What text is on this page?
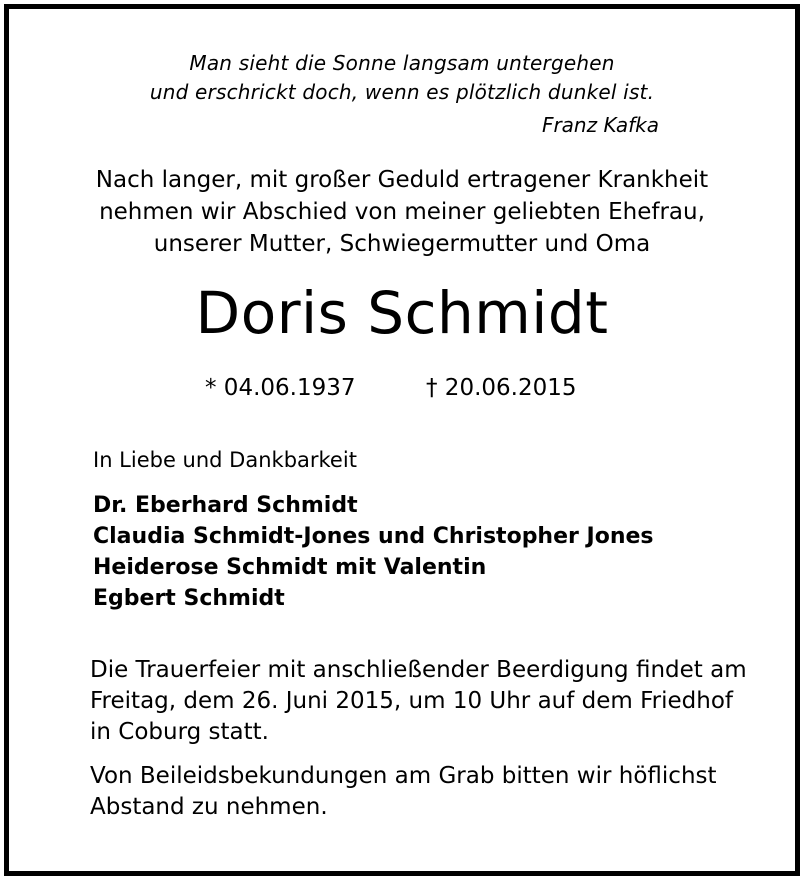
Man sieht die Sonne langsam untergehen
und erschrickt doch, wenn es plötzlich dunkel ist.
Franz Kafka
Nach langer, mit großer Geduld ertragener Krankheit
nehmen wir Abschied von meiner geliebten Ehefrau,
unserer Mutter, Schwiegermutter und Oma
Doris Schmidt
* 04.06.1937	† 20.06.2015
In Liebe und Dankbarkeit
Dr. Eberhard Schmidt
Claudia Schmidt-Jones und Christopher Jones
Heiderose Schmidt mit Valentin
Egbert Schmidt
Die Trauerfeier mit anschließender Beerdigung findet am
Freitag, dem 26. Juni 2015, um 10 Uhr auf dem Friedhof
in Coburg statt.
Von Beileidsbekundungen am Grab bitten wir höflichst
Abstand zu nehmen.
